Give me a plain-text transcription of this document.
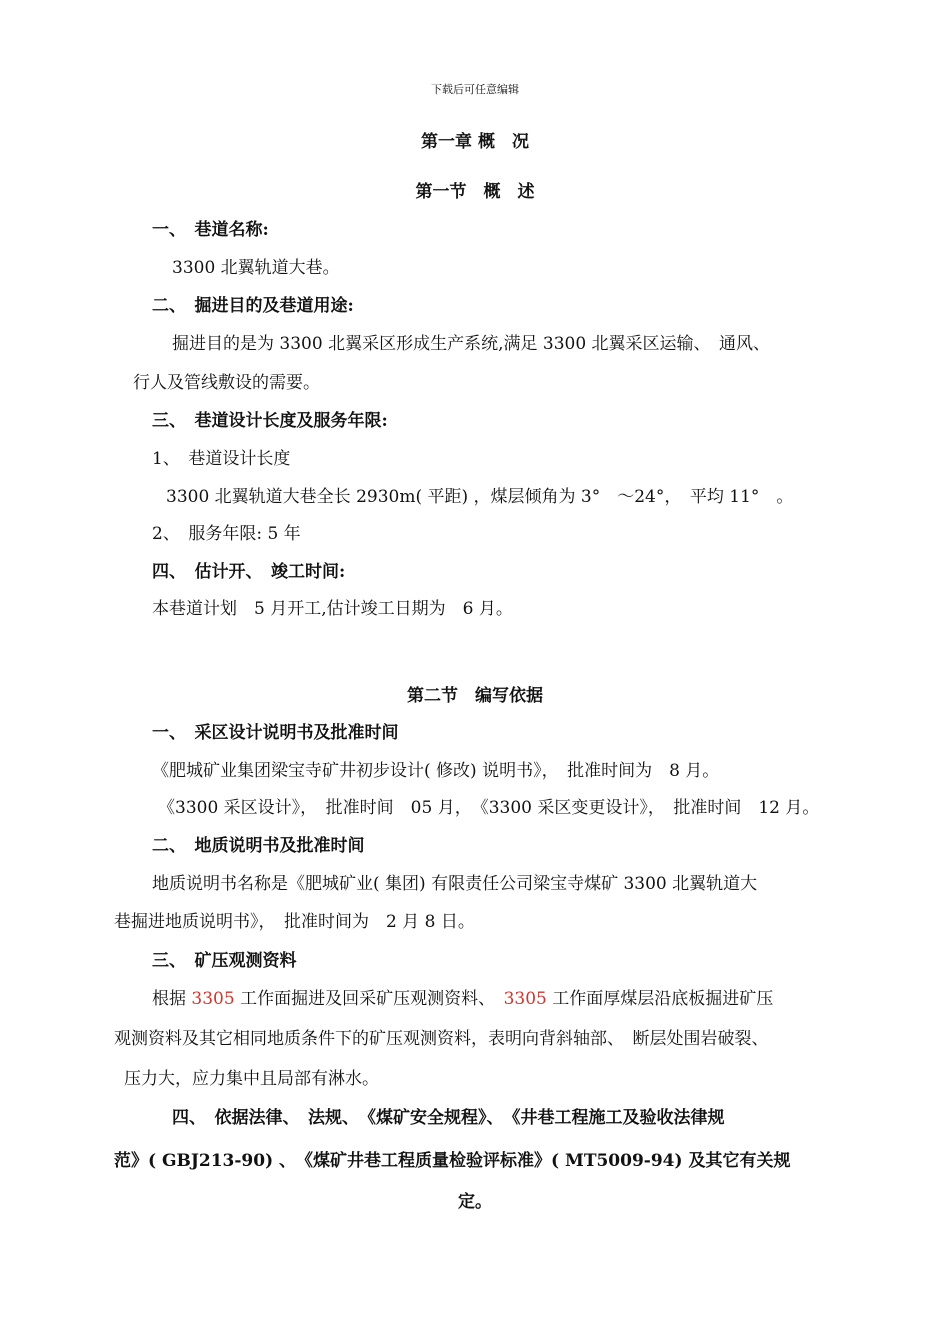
下载后可任意编辑
第一章 概　况
第一节　概　述
一、　巷道名称:
3300 北翼轨道大巷。
二、　掘进目的及巷道用途:
掘进目的是为 3300 北翼采区形成生产系统,满足 3300 北翼采区运输、　通风、
行人及管线敷设的需要。
三、　巷道设计长度及服务年限:
1、　巷道设计长度
3300 北翼轨道大巷全长 2930m( 平距) ，煤层倾角为 3°　～24°，　平均 11°　。
2、　服务年限: 5 年
四、　估计开、　竣工时间:
本巷道计划　5 月开工,估计竣工日期为　6 月。
第二节　编写依据
一、　采区设计说明书及批准时间
《肥城矿业集团梁宝寺矿井初步设计( 修改) 说明书》，　批准时间为　8 月。
《3300 采区设计》，　批准时间　05 月，　《3300 采区变更设计》，　批准时间　12 月。
二、　地质说明书及批准时间
地质说明书名称是《肥城矿业( 集团) 有限责任公司梁宝寺煤矿 3300 北翼轨道大
巷掘进地质说明书》，　批准时间为　2 月 8 日。
三、　矿压观测资料
根据 3305 工作面掘进及回采矿压观测资料、　3305 工作面厚煤层沿底板掘进矿压
观测资料及其它相同地质条件下的矿压观测资料，表明向背斜轴部、　断层处围岩破裂、
压力大，应力集中且局部有淋水。
四、　依据法律、　法规、　《煤矿安全规程》、　《井巷工程施工及验收法律规
范》( GBJ213-90) 、　《煤矿井巷工程质量检验评标准》( MT5009-94) 及其它有关规
定。
